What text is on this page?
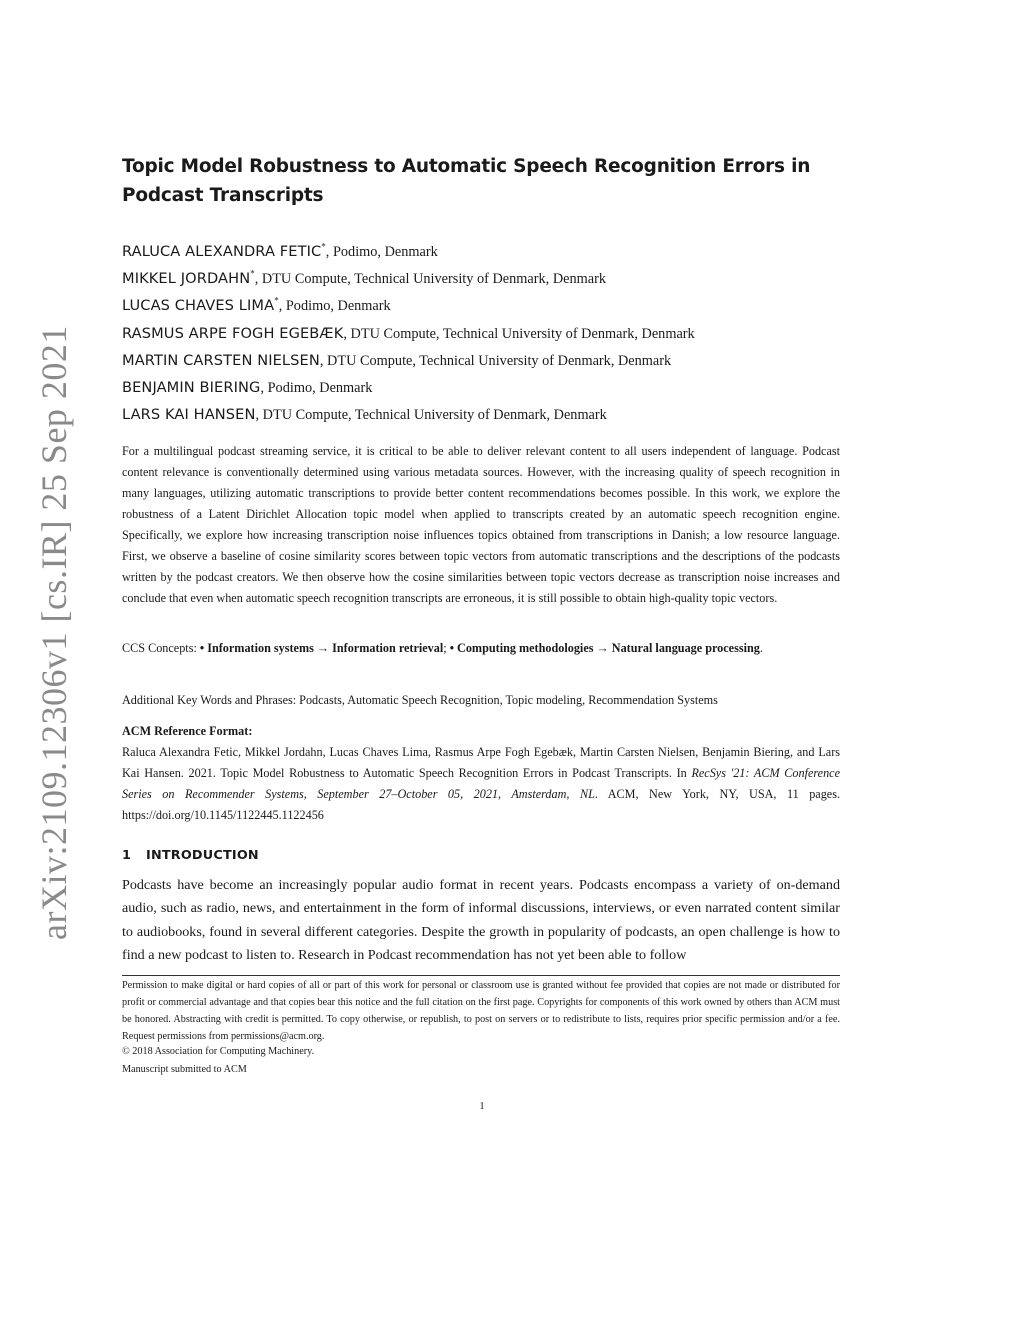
arXiv:2109.12306v1 [cs.IR] 25 Sep 2021
Topic Model Robustness to Automatic Speech Recognition Errors in Podcast Transcripts
RALUCA ALEXANDRA FETIC*, Podimo, Denmark
MIKKEL JORDAHN*, DTU Compute, Technical University of Denmark, Denmark
LUCAS CHAVES LIMA*, Podimo, Denmark
RASMUS ARPE FOGH EGEBÆK, DTU Compute, Technical University of Denmark, Denmark
MARTIN CARSTEN NIELSEN, DTU Compute, Technical University of Denmark, Denmark
BENJAMIN BIERING, Podimo, Denmark
LARS KAI HANSEN, DTU Compute, Technical University of Denmark, Denmark

For a multilingual podcast streaming service, it is critical to be able to deliver relevant content to all users independent of language. Podcast content relevance is conventionally determined using various metadata sources. However, with the increasing quality of speech recognition in many languages, utilizing automatic transcriptions to provide better content recommendations becomes possible. In this work, we explore the robustness of a Latent Dirichlet Allocation topic model when applied to transcripts created by an automatic speech recognition engine. Specifically, we explore how increasing transcription noise influences topics obtained from transcriptions in Danish; a low resource language. First, we observe a baseline of cosine similarity scores between topic vectors from automatic transcriptions and the descriptions of the podcasts written by the podcast creators. We then observe how the cosine similarities between topic vectors decrease as transcription noise increases and conclude that even when automatic speech recognition transcripts are erroneous, it is still possible to obtain high-quality topic vectors.

CCS Concepts: • Information systems → Information retrieval; • Computing methodologies → Natural language processing.

Additional Key Words and Phrases: Podcasts, Automatic Speech Recognition, Topic modeling, Recommendation Systems

ACM Reference Format:

Raluca Alexandra Fetic, Mikkel Jordahn, Lucas Chaves Lima, Rasmus Arpe Fogh Egebæk, Martin Carsten Nielsen, Benjamin Biering, and Lars Kai Hansen. 2021. Topic Model Robustness to Automatic Speech Recognition Errors in Podcast Transcripts. In RecSys '21: ACM Conference Series on Recommender Systems, September 27–October 05, 2021, Amsterdam, NL. ACM, New York, NY, USA, 11 pages. https://doi.org/10.1145/1122445.1122456

1 INTRODUCTION

Podcasts have become an increasingly popular audio format in recent years. Podcasts encompass a variety of on-demand audio, such as radio, news, and entertainment in the form of informal discussions, interviews, or even narrated content similar to audiobooks, found in several different categories. Despite the growth in popularity of podcasts, an open challenge is how to find a new podcast to listen to. Research in Podcast recommendation has not yet been able to follow

Permission to make digital or hard copies of all or part of this work for personal or classroom use is granted without fee provided that copies are not made or distributed for profit or commercial advantage and that copies bear this notice and the full citation on the first page. Copyrights for components of this work owned by others than ACM must be honored. Abstracting with credit is permitted. To copy otherwise, or republish, to post on servers or to redistribute to lists, requires prior specific permission and/or a fee. Request permissions from permissions@acm.org.

© 2018 Association for Computing Machinery.

Manuscript submitted to ACM

1
